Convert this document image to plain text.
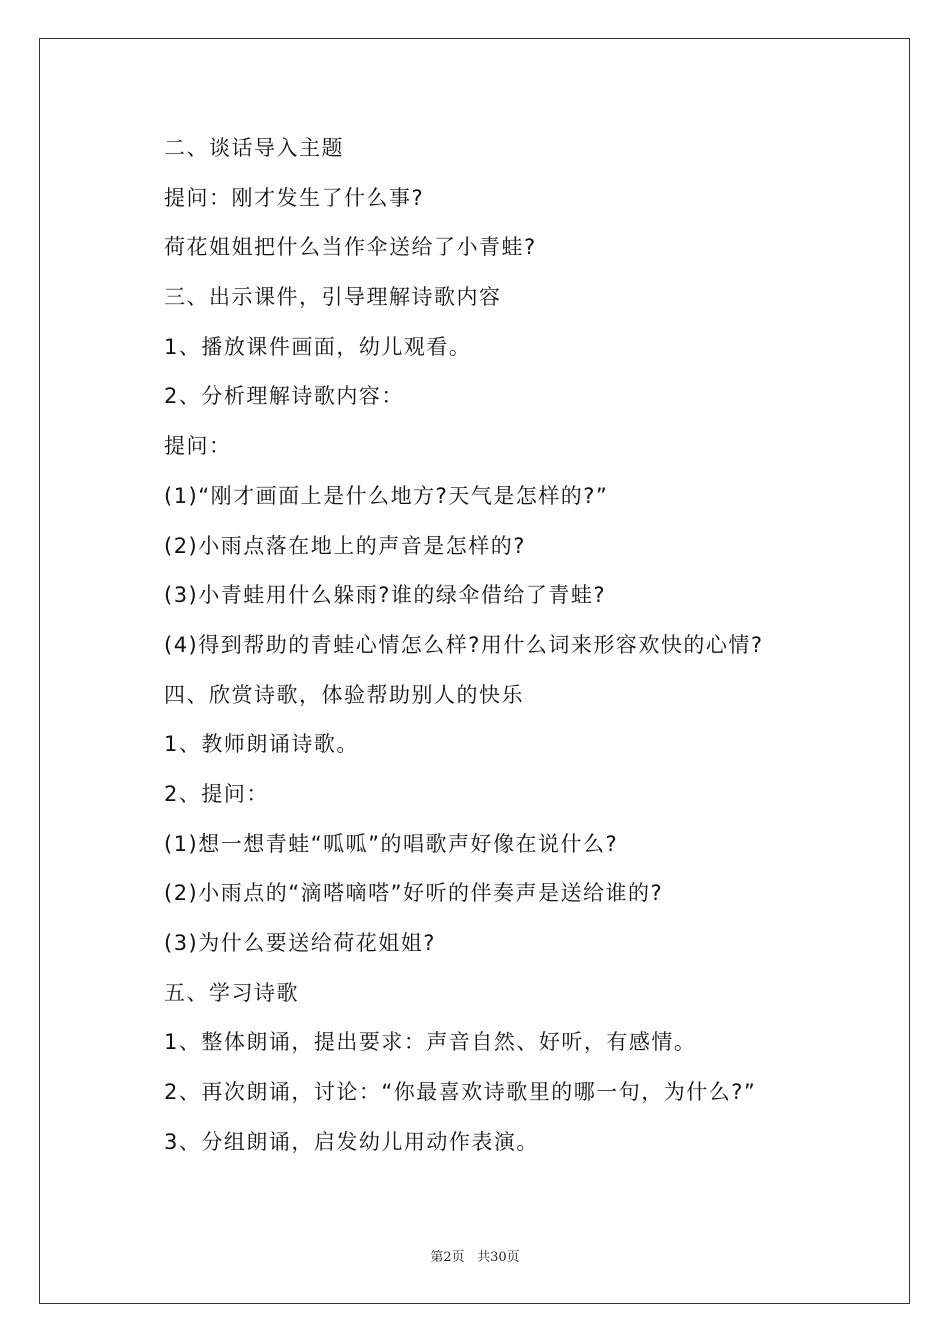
二、谈话导入主题
提问：刚才发生了什么事?
荷花姐姐把什么当作伞送给了小青蛙?
三、出示课件，引导理解诗歌内容
1、播放课件画面，幼儿观看。
2、分析理解诗歌内容：
提问：
(1)“刚才画面上是什么地方?天气是怎样的?”
(2)小雨点落在地上的声音是怎样的?
(3)小青蛙用什么躲雨?谁的绿伞借给了青蛙?
(4)得到帮助的青蛙心情怎么样?用什么词来形容欢快的心情?
四、欣赏诗歌，体验帮助别人的快乐
1、教师朗诵诗歌。
2、提问：
(1)想一想青蛙“呱呱”的唱歌声好像在说什么?
(2)小雨点的“滴嗒嘀嗒”好听的伴奏声是送给谁的?
(3)为什么要送给荷花姐姐?
五、学习诗歌
1、整体朗诵，提出要求：声音自然、好听，有感情。
2、再次朗诵，讨论：“你最喜欢诗歌里的哪一句，为什么?”
3、分组朗诵，启发幼儿用动作表演。
第2页 共30页
